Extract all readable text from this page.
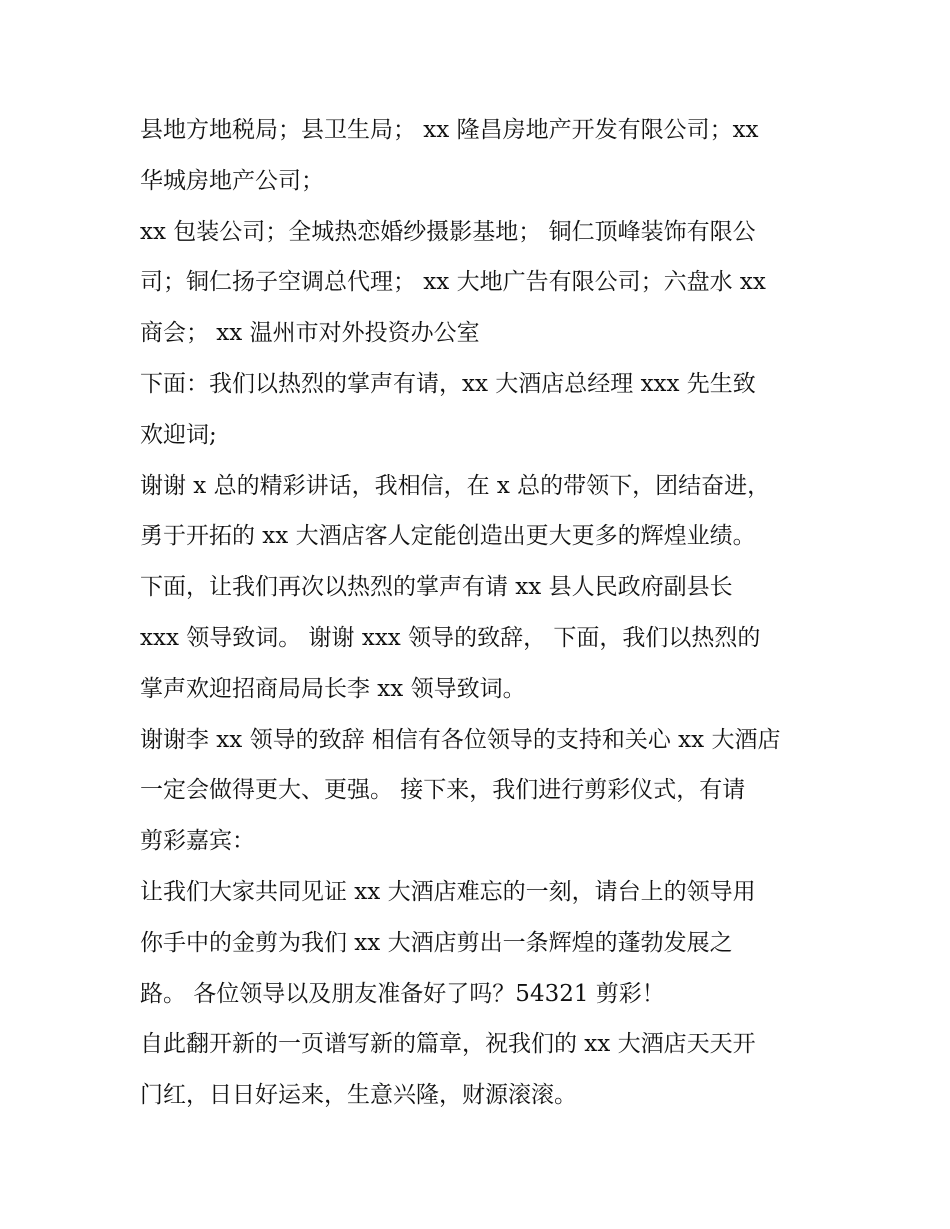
县地方地税局；县卫生局； xx 隆昌房地产开发有限公司；xx
华城房地产公司；
xx 包装公司；全城热恋婚纱摄影基地； 铜仁顶峰装饰有限公
司；铜仁扬子空调总代理； xx 大地广告有限公司；六盘水 xx
商会； xx 温州市对外投资办公室
下面：我们以热烈的掌声有请，xx 大酒店总经理 xxx 先生致
欢迎词;
谢谢 x 总的精彩讲话，我相信，在 x 总的带领下，团结奋进，
勇于开拓的 xx 大酒店客人定能创造出更大更多的辉煌业绩。
下面，让我们再次以热烈的掌声有请 xx 县人民政府副县长
xxx 领导致词。 谢谢 xxx 领导的致辞， 下面，我们以热烈的
掌声欢迎招商局局长李 xx 领导致词。
谢谢李 xx 领导的致辞 相信有各位领导的支持和关心 xx 大酒店
一定会做得更大、更强。 接下来，我们进行剪彩仪式，有请
剪彩嘉宾：
让我们大家共同见证 xx 大酒店难忘的一刻，请台上的领导用
你手中的金剪为我们 xx 大酒店剪出一条辉煌的蓬勃发展之
路。 各位领导以及朋友准备好了吗？54321 剪彩！
自此翻开新的一页谱写新的篇章，祝我们的 xx 大酒店天天开
门红，日日好运来，生意兴隆，财源滚滚。
